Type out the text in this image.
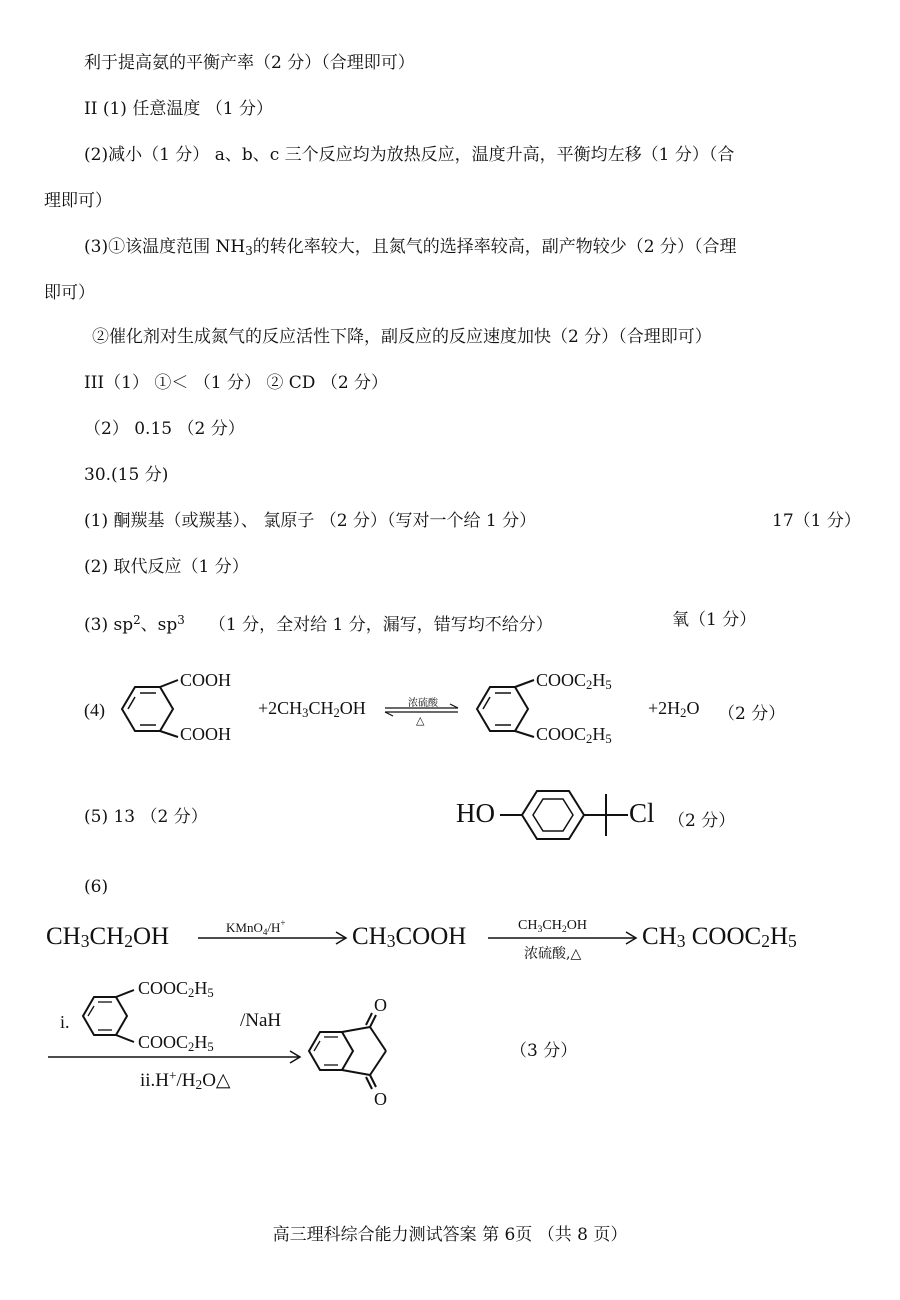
利于提高氨的平衡产率（2 分）（合理即可）
II (1) 任意温度 （1 分）
(2)减小（1 分） a、b、c 三个反应均为放热反应，温度升高，平衡均左移（1 分）（合
理即可）
(3)①该温度范围 $NH_3$的转化率较大，且氮气的选择率较高，副产物较少（2 分）（合理
即可）
②催化剂对生成氮气的反应活性下降，副反应的反应速度加快（2 分）（合理即可）
III（1） ①＜ （1 分） ② CD （2 分）
（2） 0.15 （2 分）
30.(15 分)
(1) 酮羰基（或羰基）、 氯原子 （2 分）（写对一个给 1 分）	17（1 分）
(2) 取代反应（1 分）
(3) $sp^2$、$sp^3$ （1 分，全对给 1 分，漏写，错写均不给分）	氧（1 分）
(4)
COOH
COOH
$+2CH_3CH_2OH$	浓硫酸
△
$COOC_2H_5$
$COOC_2H_5$
$+2H_2O$ （2 分）
(5) 13 （2 分）	HO	Cl （2 分）
(6)
$CH_3CH_2OH$	KMnO$_4$/H+	$CH_3COOH$	$CH_3CH_2OH$
浓硫酸,△
$CH_3$ $COOC_2H_5$
i.
$COOC_2H_5$
$COOC_2H_5$
/NaH
$ii.H^+/H_2O\triangle$
O
O
（3 分）
高三理科综合能力测试答案 第 6页 （共 8 页）
